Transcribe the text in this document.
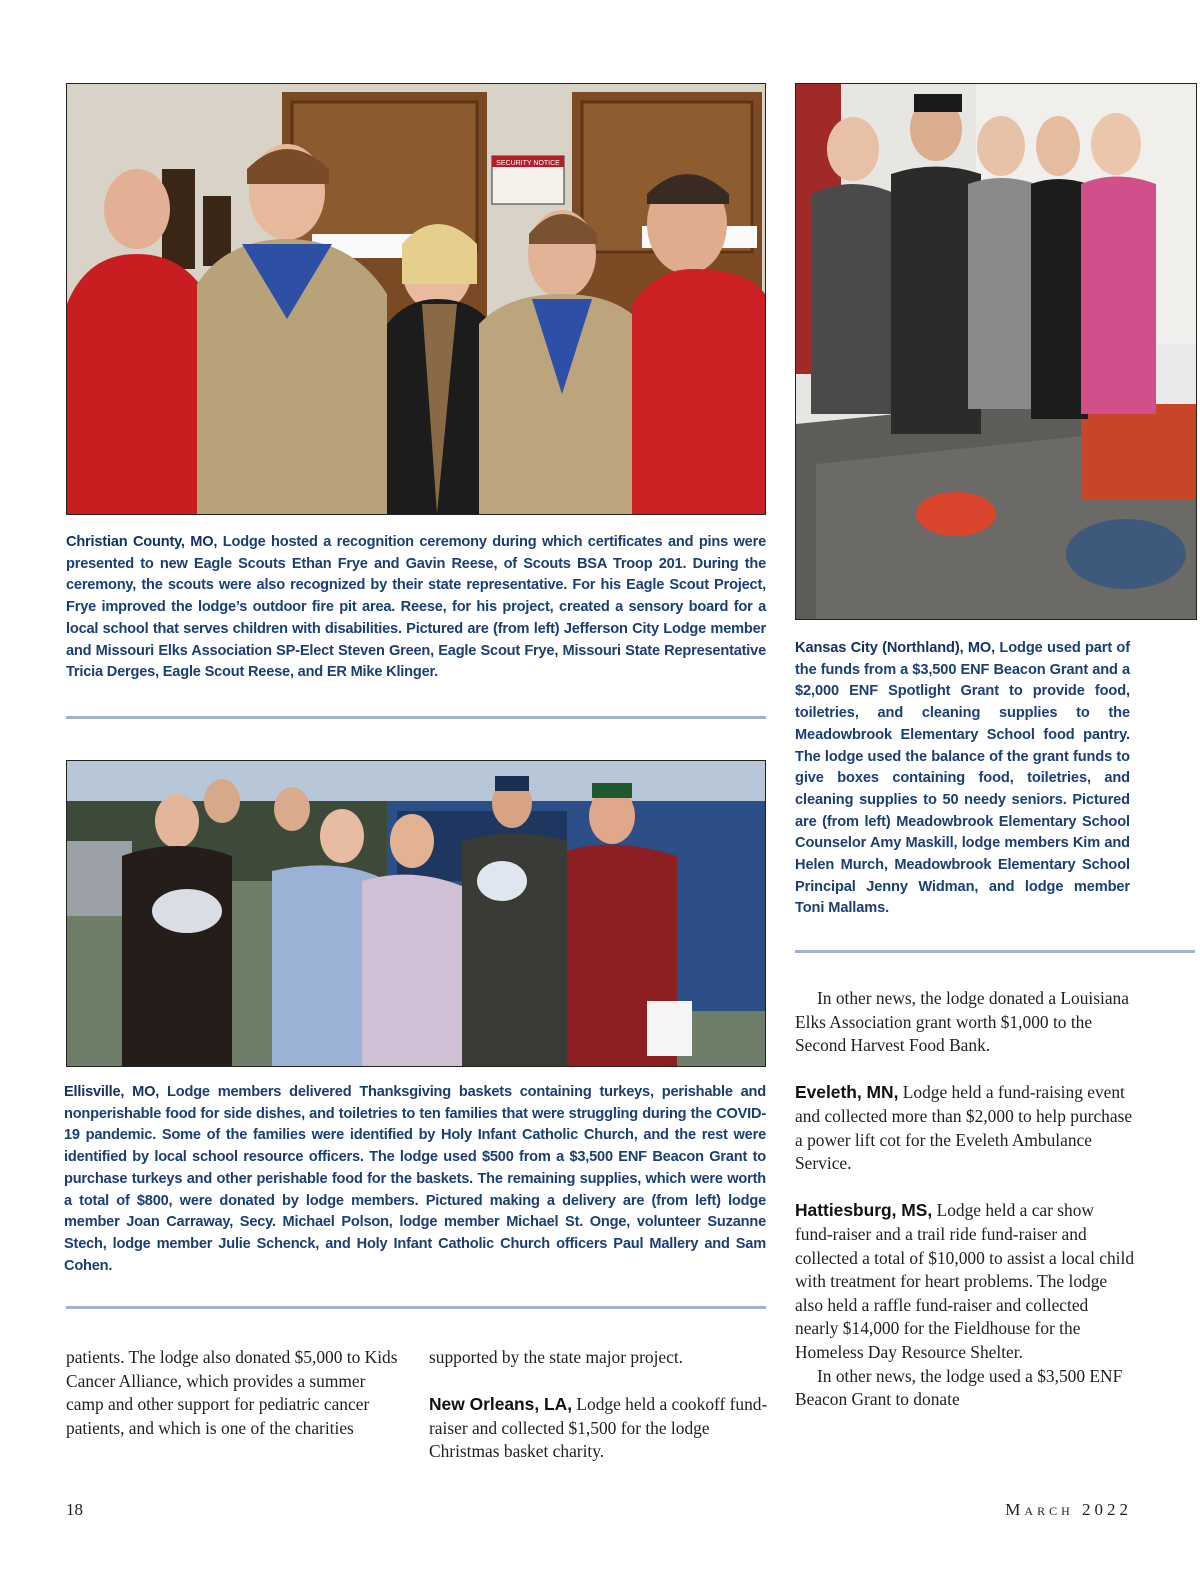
SECURITY NOTICE
Christian County, MO, Lodge hosted a recognition ceremony during which certificates and pins were presented to new Eagle Scouts Ethan Frye and Gavin Reese, of Scouts BSA Troop 201. During the ceremony, the scouts were also recognized by their state representative. For his Eagle Scout Project, Frye improved the lodge’s outdoor fire pit area. Reese, for his project, created a sensory board for a local school that serves children with disabilities. Pictured are (from left) Jefferson City Lodge member and Missouri Elks Association SP-Elect Steven Green, Eagle Scout Frye, Missouri State Representative Tricia Derges, Eagle Scout Reese, and ER Mike Klinger.
Kansas City (Northland), MO, Lodge used part of the funds from a $3,500 ENF Beacon Grant and a $2,000 ENF Spotlight Grant to provide food, toiletries, and cleaning supplies to the Meadowbrook Elementary School food pantry. The lodge used the balance of the grant funds to give boxes containing food, toiletries, and cleaning supplies to 50 needy seniors. Pictured are (from left) Meadowbrook Elementary School Counselor Amy Maskill, lodge members Kim and Helen Murch, Meadowbrook Elementary School Principal Jenny Widman, and lodge member Toni Mallams.
Ellisville, MO, Lodge members delivered Thanksgiving baskets containing turkeys, perishable and nonperishable food for side dishes, and toiletries to ten families that were struggling during the COVID-19 pandemic. Some of the families were identified by Holy Infant Catholic Church, and the rest were identified by local school resource officers. The lodge used $500 from a $3,500 ENF Beacon Grant to purchase turkeys and other perishable food for the baskets. The remaining supplies, which were worth a total of $800, were donated by lodge members. Pictured making a delivery are (from left) lodge member Joan Carraway, Secy. Michael Polson, lodge member Michael St. Onge, volunteer Suzanne Stech, lodge member Julie Schenck, and Holy Infant Catholic Church officers Paul Mallery and Sam Cohen.

patients. The lodge also donated $5,000 to Kids Cancer Alliance, which provides a summer camp and other support for pediatric cancer patients, and which is one of the charities

supported by the state major project.

New Orleans, LA, Lodge held a cookoff fund-raiser and collected $1,500 for the lodge Christmas basket charity.

In other news, the lodge donated a Louisiana Elks Association grant worth $1,000 to the Second Harvest Food Bank.

Eveleth, MN, Lodge held a fund-raising event and collected more than $2,000 to help purchase a power lift cot for the Eveleth Ambulance Service.

Hattiesburg, MS, Lodge held a car show fund-raiser and a trail ride fund-raiser and collected a total of $10,000 to assist a local child with treatment for heart problems. The lodge also held a raffle fund-raiser and collected nearly $14,000 for the Fieldhouse for the Homeless Day Resource Shelter.

In other news, the lodge used a $3,500 ENF Beacon Grant to donate

18	March 2022
